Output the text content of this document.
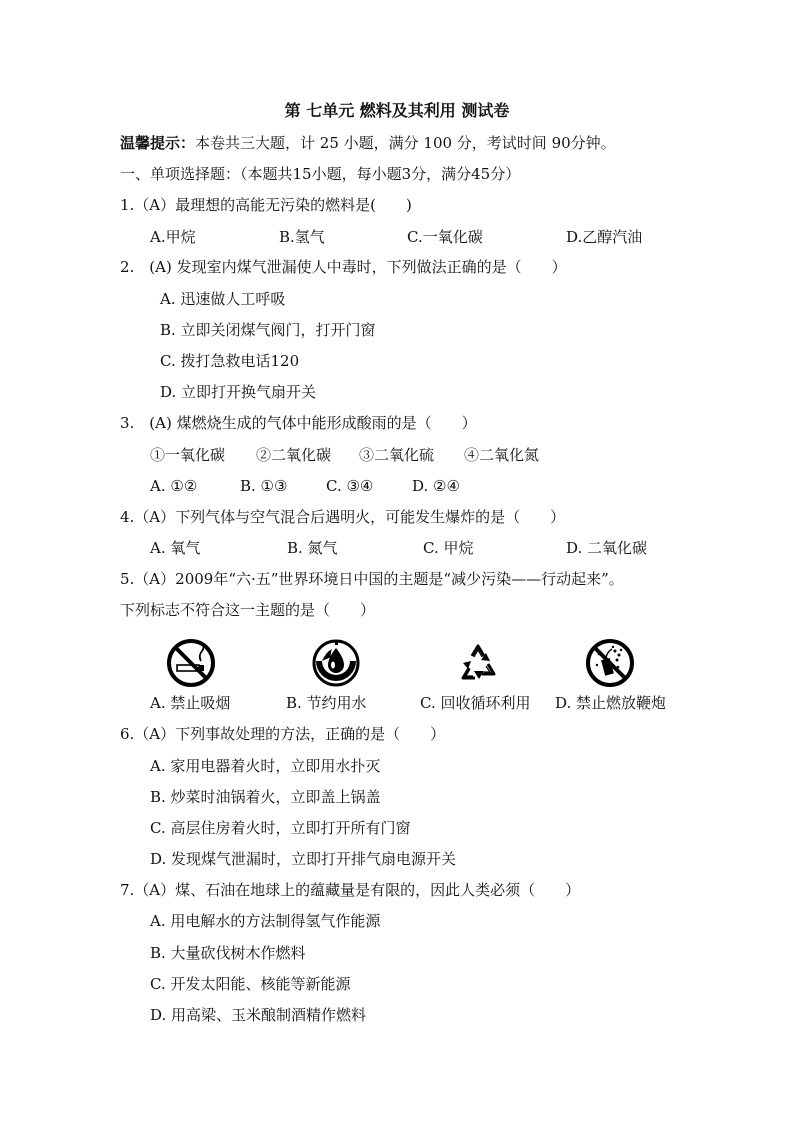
第 七单元 燃料及其利用 测试卷
温馨提示：本卷共三大题，计 25 小题，满分 100 分，考试时间 90分钟。
一、单项选择题：（本题共15小题，每小题3分，满分45分）
1.（A）最理想的高能无污染的燃料是(　　)
A.甲烷	B.氢气	C.一氧化碳	D.乙醇汽油
2.　(A) 发现室内煤气泄漏使人中毒时，下列做法正确的是（　　）
A. 迅速做人工呼吸
B. 立即关闭煤气阀门，打开门窗
C. 拨打急救电话120
D. 立即打开换气扇开关
3.　(A) 煤燃烧生成的气体中能形成酸雨的是（　　）
①一氧化碳 ②二氧化碳 ③二氧化硫 ④二氧化氮
A. ①②	B. ①③	C. ③④	D. ②④
4.（A）下列气体与空气混合后遇明火，可能发生爆炸的是（　　）
A. 氧气	B. 氮气	C. 甲烷	D. 二氧化碳
5.（A）2009年“六·五”世界环境日中国的主题是“减少污染——行动起来”。
下列标志不符合这一主题的是（　　）
A. 禁止吸烟	B. 节约用水	C. 回收循环利用 D. 禁止燃放鞭炮
6.（A）下列事故处理的方法，正确的是（　　）
A. 家用电器着火时，立即用水扑灭
B. 炒菜时油锅着火，立即盖上锅盖
C. 高层住房着火时，立即打开所有门窗
D. 发现煤气泄漏时，立即打开排气扇电源开关
7.（A）煤、石油在地球上的蕴藏量是有限的，因此人类必须（　　）
A. 用电解水的方法制得氢气作能源
B. 大量砍伐树木作燃料
C. 开发太阳能、核能等新能源
D. 用高梁、玉米酿制酒精作燃料
